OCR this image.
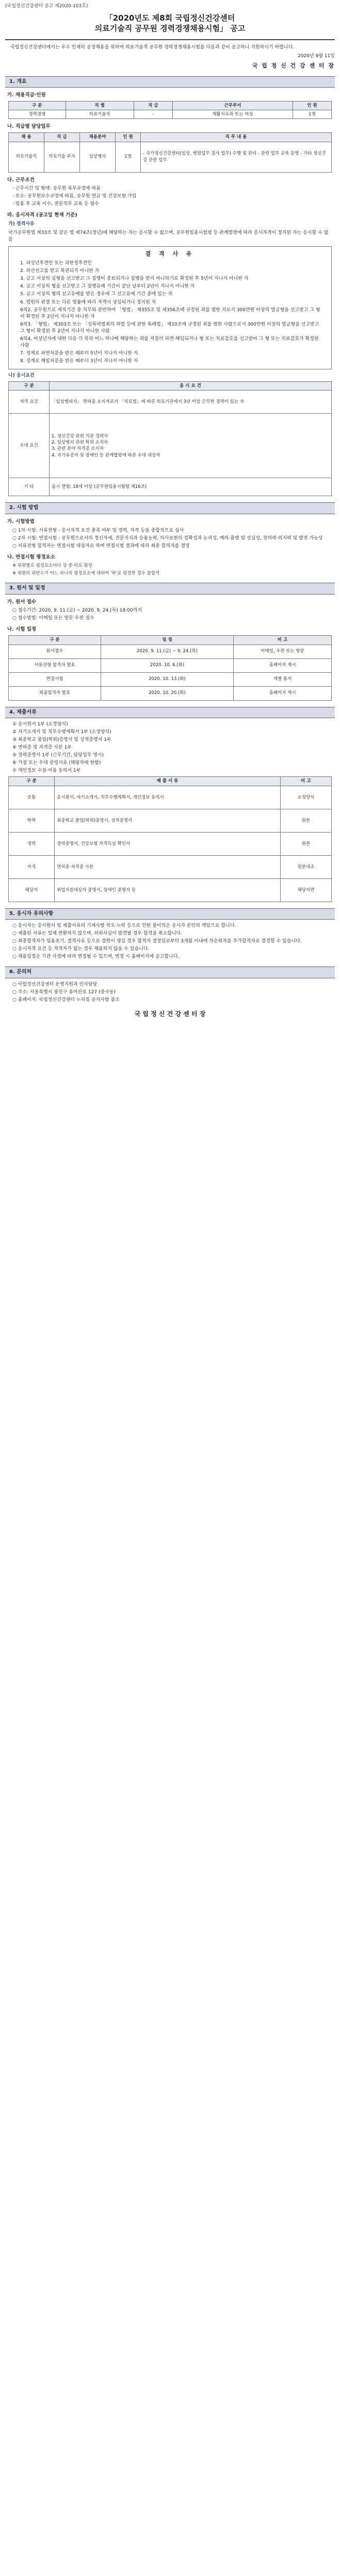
(국립정신건강센터 공고 제2020-103호)
「2020년도 제8회 국립정신건강센터
의료기술직 공무원 경력경쟁채용시험」 공고
국립정신건강센터에서는 우수 인재의 공정채용을 위하여 의료기술직 공무원 경력경쟁채용시험을 다음과 같이 공고하니 지원하시기 바랍니다.
2020년 9월 11일
국 립 정 신 건 강 센 터 장
1. 개요
가. 채용직급·인원
구 분	직 렬	직 급	근무부서	인 원
경력경쟁	의료기술직	-	재활치료과 또는 여성	1명
나. 직급별 담당업무
채 용	직 급	채용분야	인 원	직 무 내 용
의료기술직	의료기술 주사	임상병리	1명	- 국가정신건강센터(임상, 병원업무 검사 업무) 수행 및 관리 - 관련 업무 교육 운영 - 기타 정신건강 관련 업무
다. 근무조건
· 근무시간 및 형태: 공무원 복무규정에 따름
· 보수: 공무원보수규정에 따름, 공무원 연금 및 건강보험 가입
· 임용 후 교육 이수, 전문직무 교육 등 필수
라. 응시자격 (공고일 현재 기준)
가) 결격사유
국가공무원법 제33조 및 같은 법 제74조(정년)에 해당하는 자는 응시할 수 없으며, 공무원임용시험령 등 관계법령에 따라 응시자격이 정지된 자는 응시할 수 없음
결 격 사 유
1. 피성년후견인 또는 피한정후견인
2. 파산선고를 받고 복권되지 아니한 자
3. 금고 이상의 실형을 선고받고 그 집행이 종료되거나 집행을 받지 아니하기로 확정된 후 5년이 지나지 아니한 자
4. 금고 이상의 형을 선고받고 그 집행유예 기간이 끝난 날부터 2년이 지나지 아니한 자
5. 금고 이상의 형의 선고유예를 받은 경우에 그 선고유예 기간 중에 있는 자
6. 법원의 판결 또는 다른 법률에 따라 자격이 상실되거나 정지된 자
6의2. 공무원으로 재직기간 중 직무와 관련하여 「형법」 제355조 및 제356조에 규정된 죄를 범한 자로서 300만원 이상의 벌금형을 선고받고 그 형이 확정된 후 2년이 지나지 아니한 자
6의3. 「형법」 제303조 또는 「성폭력범죄의 처벌 등에 관한 특례법」 제10조에 규정된 죄를 범한 사람으로서 300만원 이상의 벌금형을 선고받고 그 형이 확정된 후 2년이 지나지 아니한 사람
6의4. 미성년자에 대한 다음 각 목의 어느 하나에 해당하는 죄를 저질러 파면·해임되거나 형 또는 치료감호를 선고받아 그 형 또는 치료감호가 확정된 사람
7. 징계로 파면처분을 받은 때부터 5년이 지나지 아니한 자
8. 징계로 해임처분을 받은 때부터 3년이 지나지 아니한 자
나) 응시요건
구 분	응 시 요 건
자격 요건	「임상병리사」 면허증 소지자로서 「의료법」에 따른 의료기관에서 3년 이상 근무한 경력이 있는 자
우대 요건	1. 정신건강 관련 기관 경력자
2. 임상병리 관련 학위 소지자
3. 관련 분야 자격증 소지자
4. 국가유공자 및 장애인 등 관계법령에 따른 우대 대상자
기 타	응시 연령: 18세 이상 (공무원임용시험령 제16조)
2. 시험 방법
가. 시험방법
○ 1차 시험: 서류전형 - 응시자격 요건 충족 여부 및 경력, 자격 등을 종합적으로 심사
○ 2차 시험: 면접시험 - 공무원으로서의 정신자세, 전문지식과 응용능력, 의사표현의 정확성과 논리성, 예의·품행 및 성실성, 창의력·의지력 및 발전 가능성
○ 서류전형 합격자는 면접시험 대상자로 하며 면접시험 결과에 따라 최종 합격자를 결정
나. 면접시험 평정요소
※ 위원별로 평정요소마다 상·중·하로 평정
※ 위원의 과반수가 어느 하나의 평정요소에 대하여 '하'로 평정한 경우 불합격
3. 원서 및 일정
가. 원서 접수
○ 접수기간: 2020. 9. 11.(금) ~ 2020. 9. 24.(목) 18:00까지
○ 접수방법: 이메일 또는 방문·우편 접수
나. 시험 일정
구 분	일 정	비 고
원서접수	2020. 9. 11.(금) ~ 9. 24.(목)	이메일, 우편 또는 방문
서류전형 합격자 발표	2020. 10. 6.(화)	홈페이지 게시
면접시험	2020. 10. 13.(화)	개별 통지
최종합격자 발표	2020. 10. 20.(화)	홈페이지 게시
4. 제출서류
① 응시원서 1부 (소정양식)
② 자기소개서 및 직무수행계획서 1부 (소정양식)
③ 최종학교 졸업(학위)증명서 및 성적증명서 1부
④ 면허증 및 자격증 사본 1부
⑤ 경력증명서 1부 (근무기간, 담당업무 명시)
⑥ 가점 또는 우대 증빙서류 (해당자에 한함)
⑦ 개인정보 수집·이용 동의서 1부
구 분	제 출 서 류	비 고
공통	응시원서, 자기소개서, 직무수행계획서, 개인정보 동의서	소정양식
학력	최종학교 졸업(학위)증명서, 성적증명서	원본
경력	경력증명서, 건강보험 자격득실 확인서	원본
자격	면허증·자격증 사본	원본대조
해당자	취업지원대상자 증명서, 장애인 증명서 등	해당자만
5. 응시자 유의사항
○ 응시자는 응시원서 및 제출서류의 기재사항 착오·누락 등으로 인한 불이익은 응시자 본인의 책임으로 합니다.
○ 제출된 서류는 일체 반환하지 않으며, 허위사실이 발견될 경우 합격을 취소합니다.
○ 최종합격자가 임용포기, 결격사유 등으로 결원이 생길 경우 합격자 결정일로부터 3개월 이내에 차순위자를 추가합격자로 결정할 수 있습니다.
○ 응시자격 요건 등 적격자가 없는 경우 채용하지 않을 수 있습니다.
○ 채용일정은 기관 사정에 따라 변경될 수 있으며, 변경 시 홈페이지에 공고합니다.
6. 문의처
○ 국립정신건강센터 운영지원과 인사담당
○ 주소: 서울특별시 광진구 용마산로 127 (중곡동)
○ 홈페이지: 국립정신건강센터 누리집 공지사항 참조
국 립 정 신 건 강 센 터 장
